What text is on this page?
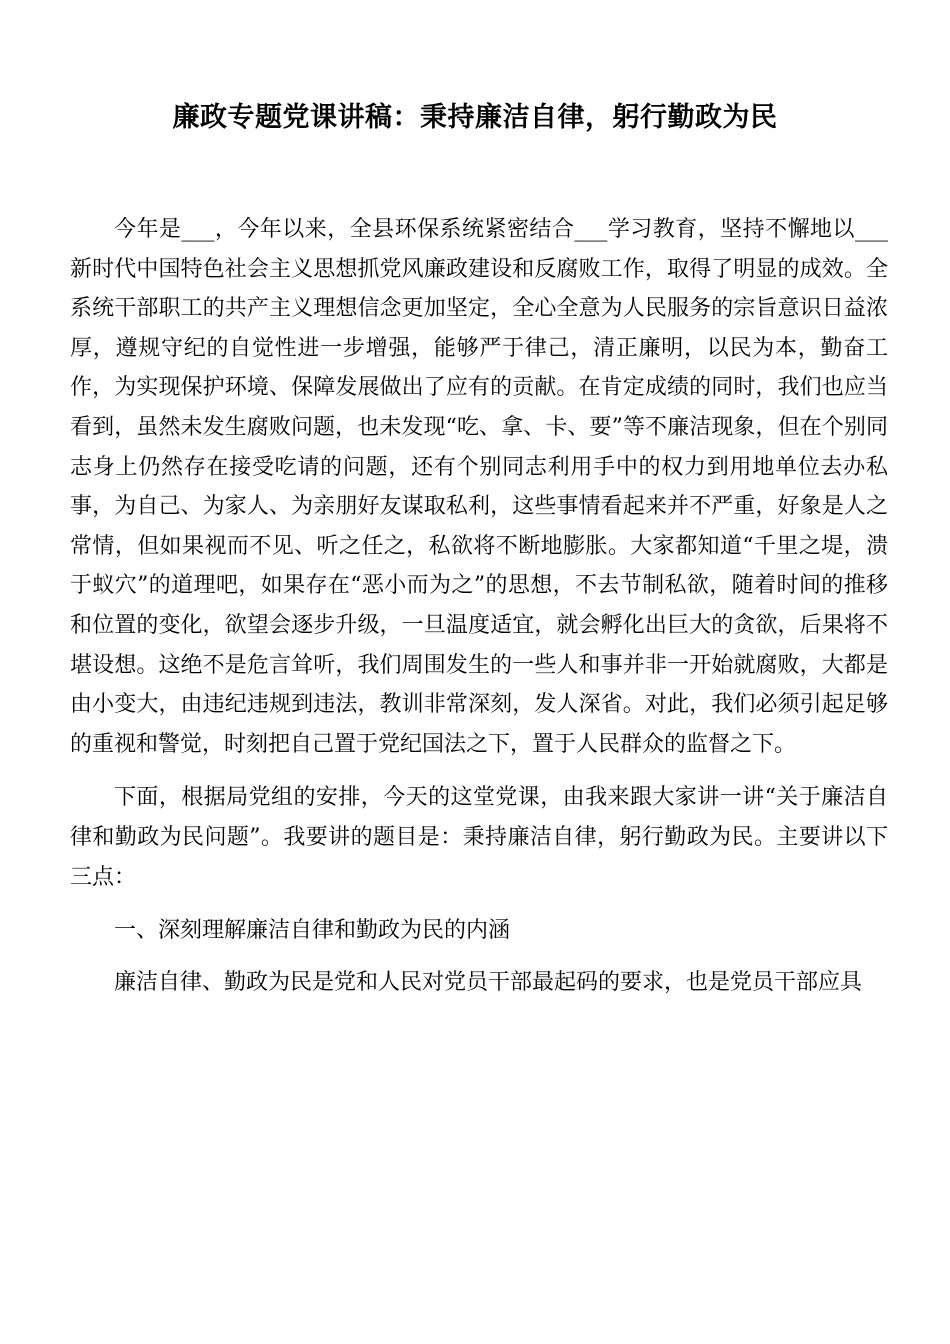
廉政专题党课讲稿：秉持廉洁自律，躬行勤政为民

今年是___，今年以来，全县环保系统紧密结合___学习教育，坚持不懈地以___新时代中国特色社会主义思想抓党风廉政建设和反腐败工作，取得了明显的成效。全系统干部职工的共产主义理想信念更加坚定，全心全意为人民服务的宗旨意识日益浓厚，遵规守纪的自觉性进一步增强，能够严于律己，清正廉明，以民为本，勤奋工作，为实现保护环境、保障发展做出了应有的贡献。在肯定成绩的同时，我们也应当看到，虽然未发生腐败问题，也未发现“吃、拿、卡、要”等不廉洁现象，但在个别同志身上仍然存在接受吃请的问题，还有个别同志利用手中的权力到用地单位去办私事，为自己、为家人、为亲朋好友谋取私利，这些事情看起来并不严重，好象是人之常情，但如果视而不见、听之任之，私欲将不断地膨胀。大家都知道“千里之堤，溃于蚁穴”的道理吧，如果存在“恶小而为之”的思想，不去节制私欲，随着时间的推移和位置的变化，欲望会逐步升级，一旦温度适宜，就会孵化出巨大的贪欲，后果将不堪设想。这绝不是危言耸听，我们周围发生的一些人和事并非一开始就腐败，大都是由小变大，由违纪违规到违法，教训非常深刻，发人深省。对此，我们必须引起足够的重视和警觉，时刻把自己置于党纪国法之下，置于人民群众的监督之下。

下面，根据局党组的安排，今天的这堂党课，由我来跟大家讲一讲“关于廉洁自律和勤政为民问题”。我要讲的题目是：秉持廉洁自律，躬行勤政为民。主要讲以下三点：

一、深刻理解廉洁自律和勤政为民的内涵

廉洁自律、勤政为民是党和人民对党员干部最起码的要求，也是党员干部应具
